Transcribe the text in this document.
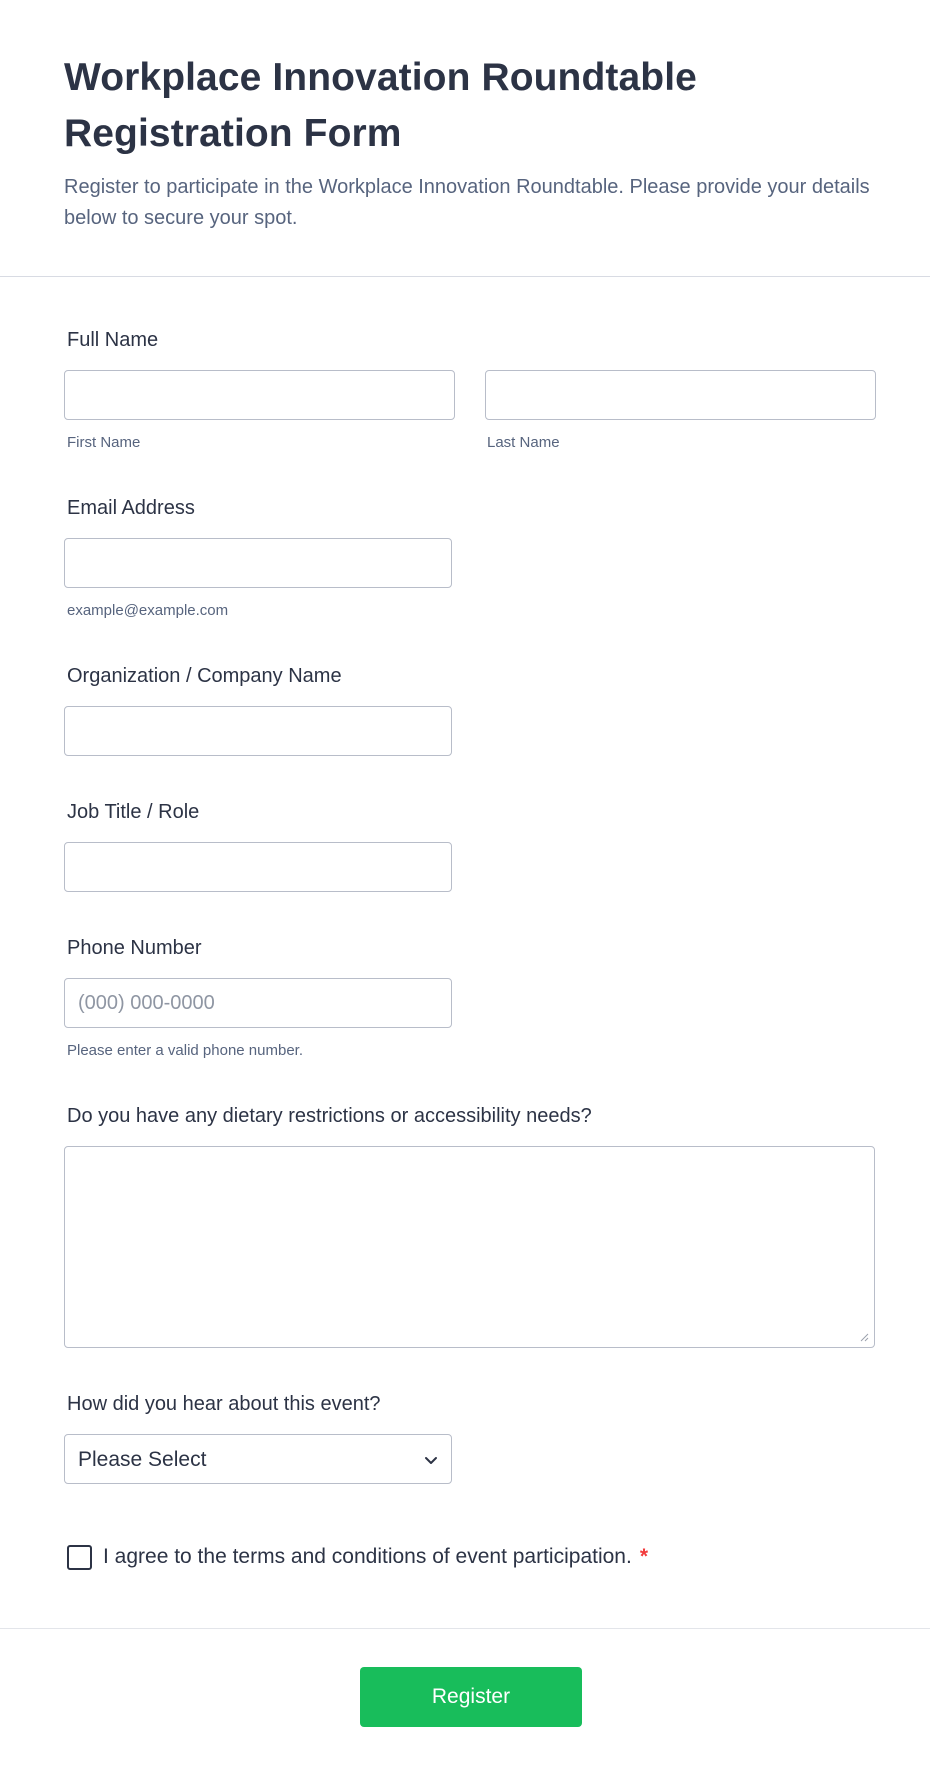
Workplace Innovation Roundtable
Registration Form

Register to participate in the Workplace Innovation Roundtable. Please provide your details below to secure your spot.

Full Name
First Name	Last Name
Email Address
example@example.com
Organization / Company Name
Job Title / Role
Phone Number
(000) 000-0000
Please enter a valid phone number.
Do you have any dietary restrictions or accessibility needs?
How did you hear about this event?
Please Select
I agree to the terms and conditions of event participation. *
Register
